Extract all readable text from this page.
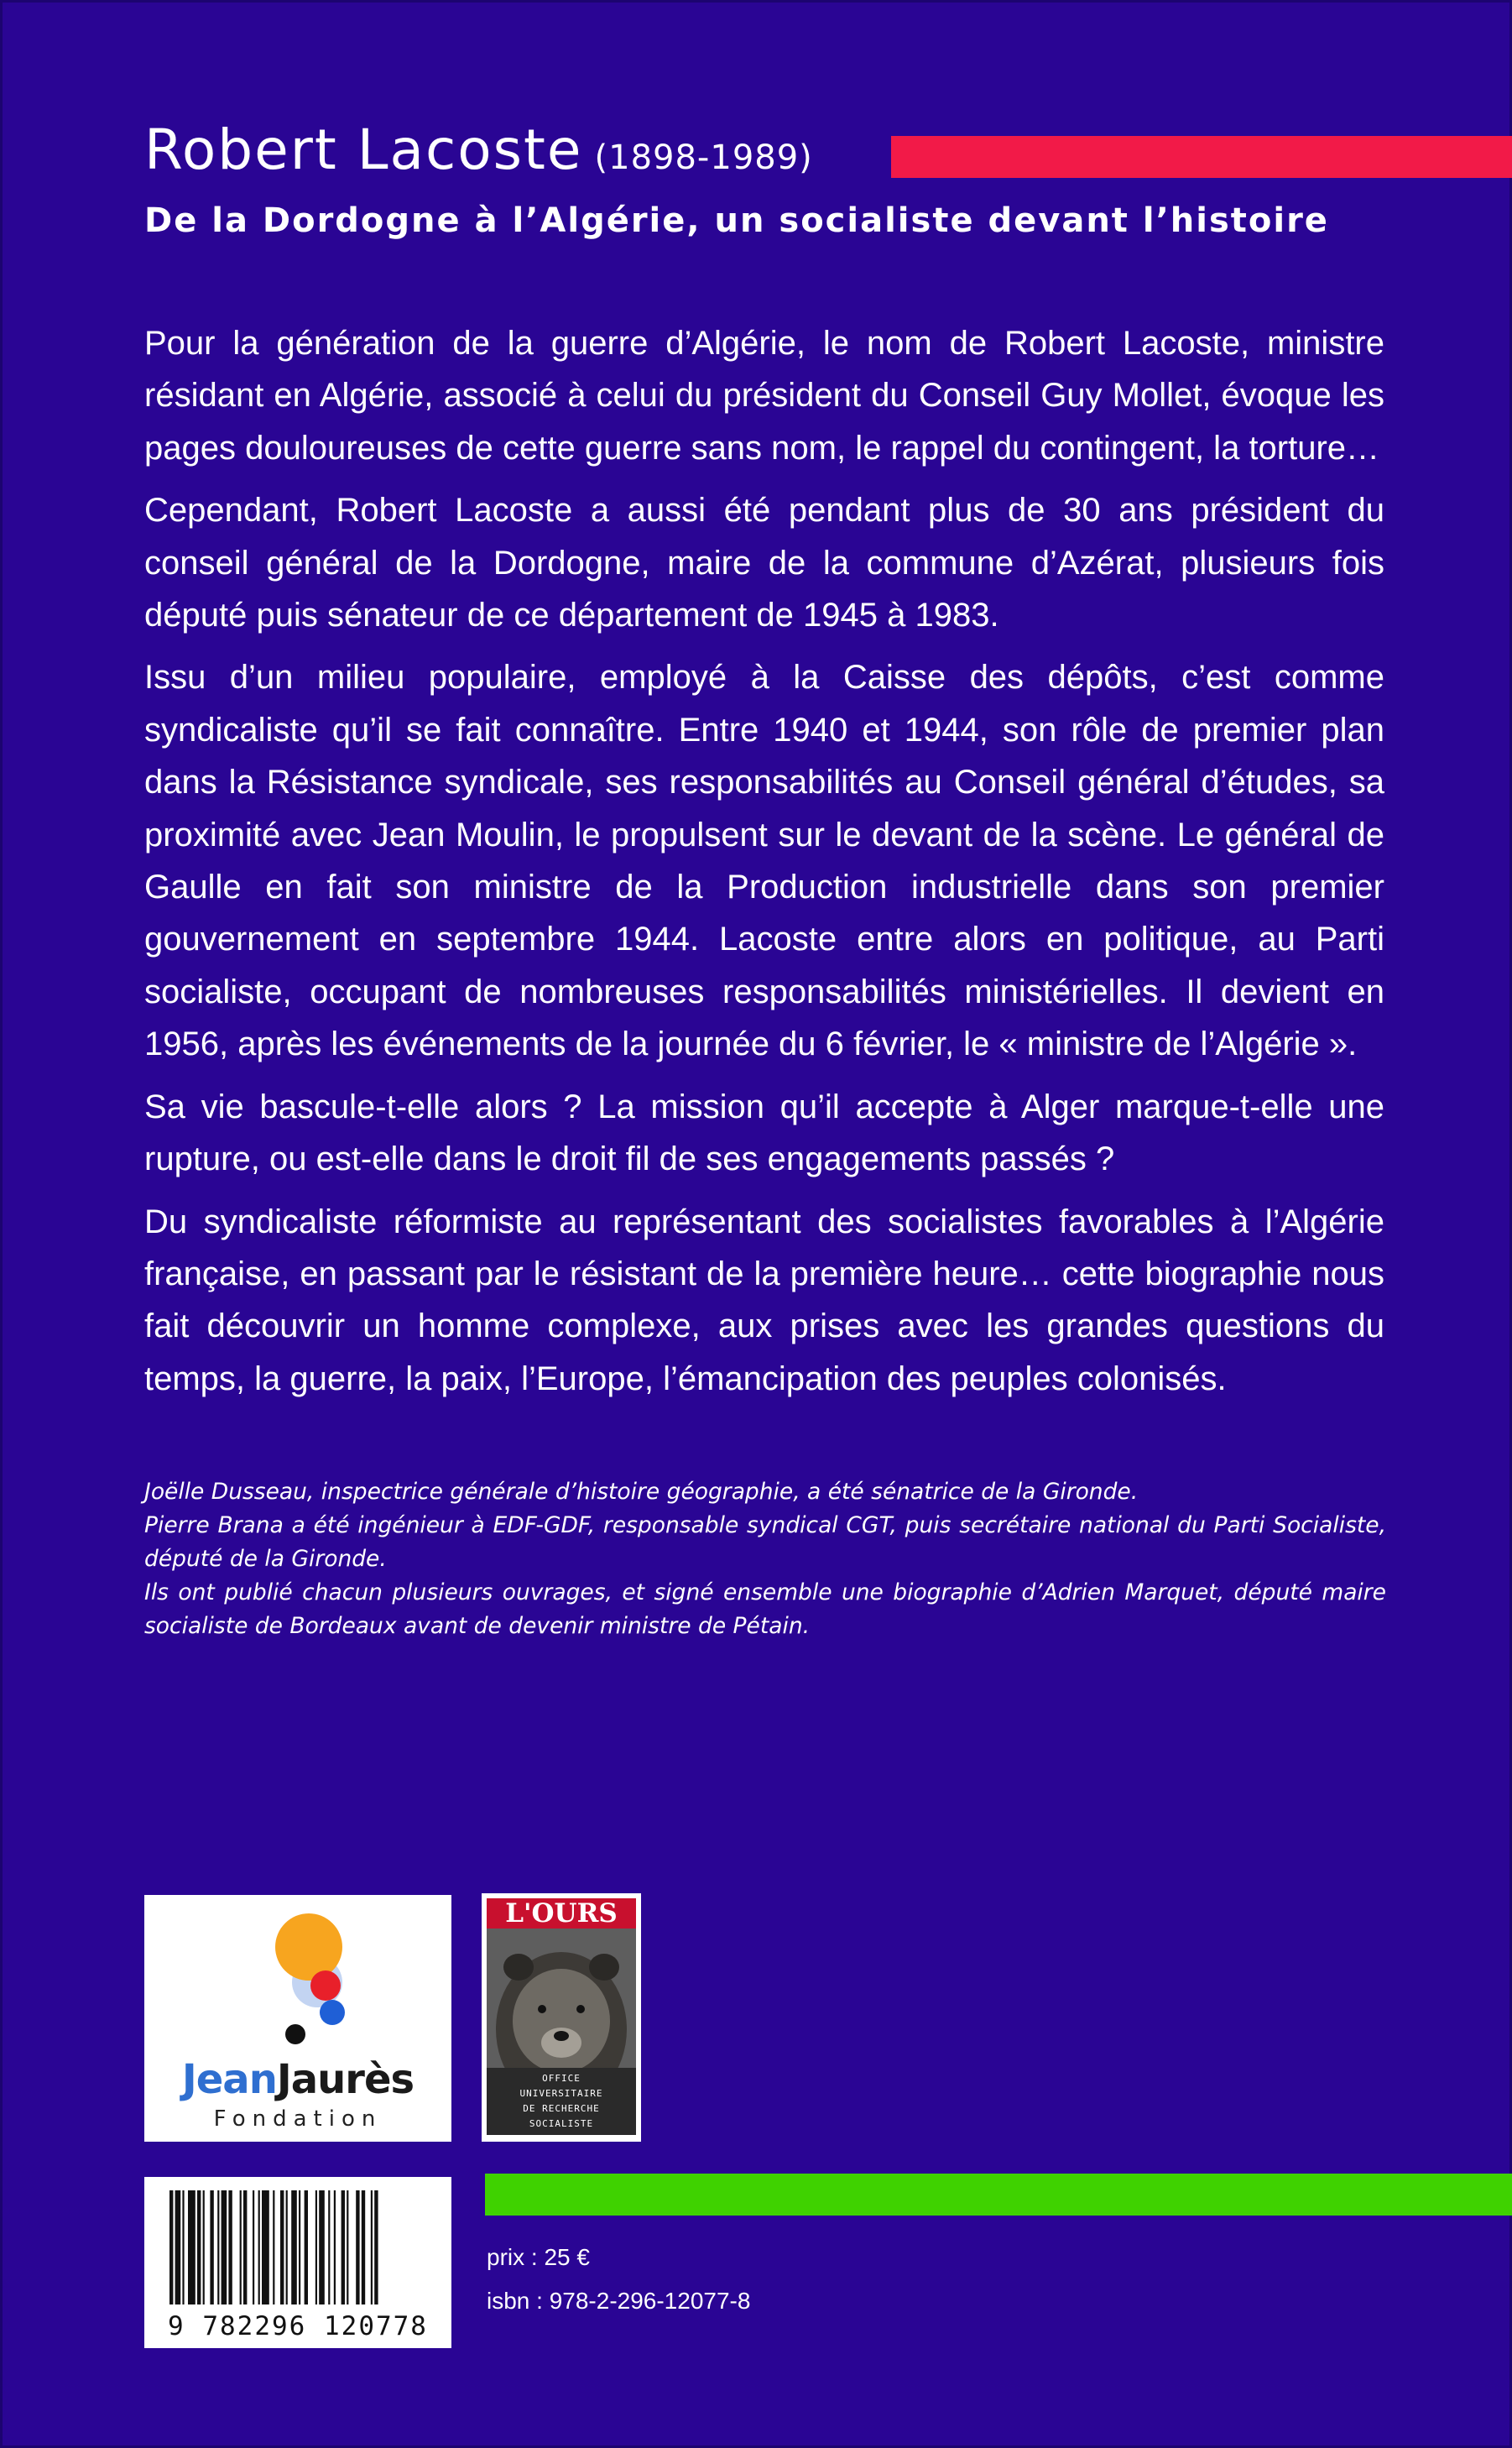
Robert Lacoste (1898-1989)
De la Dordogne à l’Algérie, un socialiste devant l’histoire

Pour la génération de la guerre d’Algérie, le nom de Robert Lacoste, ministre résidant en Algérie, associé à celui du président du Conseil Guy Mollet, évoque les pages douloureuses de cette guerre sans nom, le rappel du contingent, la torture…

Cependant, Robert Lacoste a aussi été pendant plus de 30 ans président du conseil général de la Dordogne, maire de la commune d’Azérat, plusieurs fois député puis sénateur de ce département de 1945 à 1983.

Issu d’un milieu populaire, employé à la Caisse des dépôts, c’est comme syndicaliste qu’il se fait connaître. Entre 1940 et 1944, son rôle de premier plan dans la Résistance syndicale, ses responsabilités au Conseil général d’études, sa proximité avec Jean Moulin, le propulsent sur le devant de la scène. Le général de Gaulle en fait son ministre de la Production industrielle dans son premier gouvernement en septembre 1944. Lacoste entre alors en politique, au Parti socialiste, occupant de nombreuses responsabilités ministérielles. Il devient en 1956, après les événements de la journée du 6 février, le « ministre de l’Algérie ».

Sa vie bascule-t-elle alors ? La mission qu’il accepte à Alger marque-t-elle une rupture, ou est-elle dans le droit fil de ses engagements passés ?

Du syndicaliste réformiste au représentant des socialistes favorables à l’Algérie française, en passant par le résistant de la première heure… cette biographie nous fait découvrir un homme complexe, aux prises avec les grandes questions du temps, la guerre, la paix, l’Europe, l’émancipation des peuples colonisés.

Joëlle Dusseau, inspectrice générale d’histoire géographie, a été sénatrice de la Gironde.

Pierre Brana a été ingénieur à EDF-GDF, responsable syndical CGT, puis secrétaire national du Parti Socialiste, député de la Gironde.

Ils ont publié chacun plusieurs ouvrages, et signé ensemble une biographie d’Adrien Marquet, député maire socialiste de Bordeaux avant de devenir ministre de Pétain.

JeanJaurès
Fondation
L'OURS
OFFICE
UNIVERSITAIRE
DE RECHERCHE
SOCIALISTE
9 782296 120778
prix : 25 €
isbn : 978-2-296-12077-8
